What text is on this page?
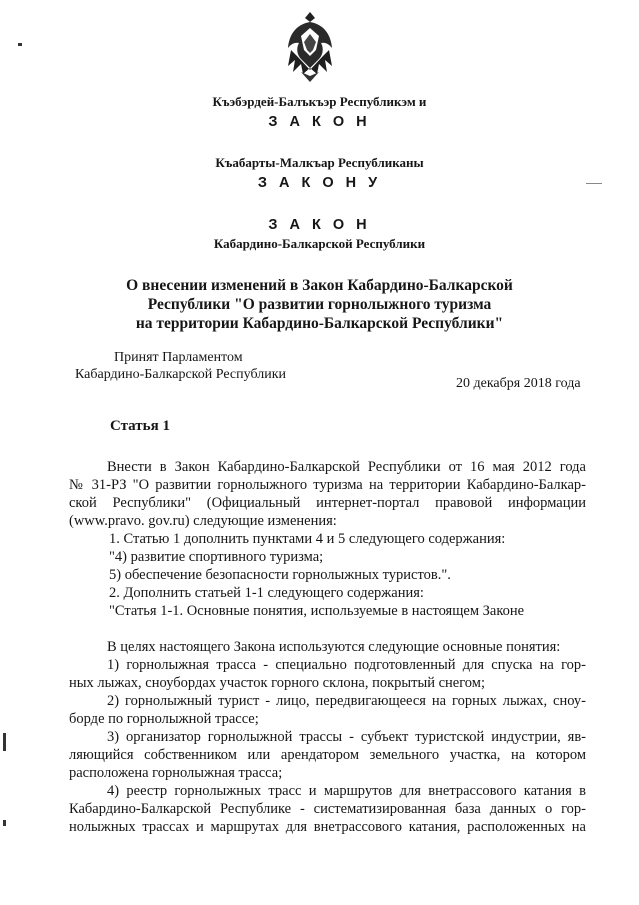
Къэбэрдей-Балъкъэр Республикэм и
З А К О Н
Къабарты-Малкъар Республиканы
З А К О Н У
З А К О Н
Кабардино-Балкарской Республики
О внесении изменений в Закон Кабардино-Балкарской
Республики "О развитии горнолыжного туризма
на территории Кабардино-Балкарской Республики"
Принят Парламентом
Кабардино-Балкарской Республики
20 декабря 2018 года
Статья 1
Внести в Закон Кабардино-Балкарской Республики от 16 мая 2012 года
№ 31-РЗ "О развитии горнолыжного туризма на территории Кабардино-Балкар-
ской Республики" (Официальный интернет-портал правовой информации
(www.pravo. gov.ru) следующие изменения:
1. Статью 1 дополнить пунктами 4 и 5 следующего содержания:
"4) развитие спортивного туризма;
5) обеспечение безопасности горнолыжных туристов.".
2. Дополнить статьей 1-1 следующего содержания:
"Статья 1-1. Основные понятия, используемые в настоящем Законе
В целях настоящего Закона используются следующие основные понятия:
1) горнолыжная трасса - специально подготовленный для спуска на гор-
ных лыжах, сноубордах участок горного склона, покрытый снегом;
2) горнолыжный турист - лицо, передвигающееся на горных лыжах, сноу-
борде по горнолыжной трассе;
3) организатор горнолыжной трассы - субъект туристской индустрии, яв-
ляющийся собственником или арендатором земельного участка, на котором
расположена горнолыжная трасса;
4) реестр горнолыжных трасс и маршрутов для внетрассового катания в
Кабардино-Балкарской Республике - систематизированная база данных о гор-
нолыжных трассах и маршрутах для внетрассового катания, расположенных на
